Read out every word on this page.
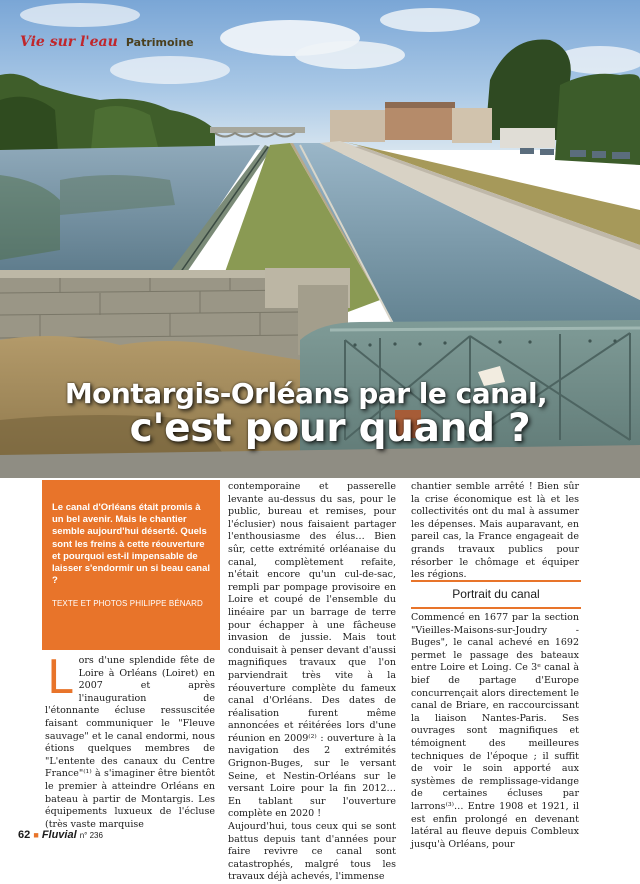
Vie sur l'eau Patrimoine
Montargis-Orléans par le canal,
c'est pour quand ?

Le canal d'Orléans était promis à un bel avenir. Mais le chantier semble aujourd'hui déserté. Quels sont les freins à cette réouverture et pourquoi est-il impensable de laisser s'endormir un si beau canal ?

TEXTE ET PHOTOS PHILIPPE BÉNARD
L ors d'une splendide fête de Loire à Orléans (Loiret) en 2007 et après l'inauguration de l'étonnante écluse ressuscitée faisant communiquer le "Fleuve sauvage" et le canal endormi, nous étions quelques membres de "L'entente des canaux du Centre France"⁽¹⁾ à s'imaginer être bientôt le premier à atteindre Orléans en bateau à partir de Montargis. Les équipements luxueux de l'écluse (très vaste marquise

contemporaine et passerelle levante au-dessus du sas, pour le public, bureau et remises, pour l'éclusier) nous faisaient partager l'enthousiasme des élus… Bien sûr, cette extrémité orléanaise du canal, complètement refaite, n'était encore qu'un cul-de-sac, rempli par pompage provisoire en Loire et coupé de l'ensemble du linéaire par un barrage de terre pour échapper à une fâcheuse invasion de jussie. Mais tout conduisait à penser devant d'aussi magnifiques travaux que l'on parviendrait très vite à la réouverture complète du fameux canal d'Orléans. Des dates de réalisation furent même annoncées et réitérées lors d'une réunion en 2009⁽²⁾ : ouverture à la navigation des 2 extrémités Grignon-Buges, sur le versant Seine, et Nestin-Orléans sur le versant Loire pour la fin 2012… En tablant sur l'ouverture complète en 2020 !

Aujourd'hui, tous ceux qui se sont battus depuis tant d'années pour faire revivre ce canal sont catastrophés, malgré tous les travaux déjà achevés, l'immense

chantier semble arrêté ! Bien sûr la crise économique est là et les collectivités ont du mal à assumer les dépenses. Mais auparavant, en pareil cas, la France engageait de grands travaux publics pour résorber le chômage et équiper les régions.

Portrait du canal

Commencé en 1677 par la section "Vieilles-Maisons-sur-Joudry - Buges", le canal achevé en 1692 permet le passage des bateaux entre Loire et Loing. Ce 3ᵉ canal à bief de partage d'Europe concurrençait alors directement le canal de Briare, en raccourcissant la liaison Nantes-Paris. Ses ouvrages sont magnifiques et témoignent des meilleures techniques de l'époque ; il suffit de voir le soin apporté aux systèmes de remplissage-vidange de certaines écluses par larrons⁽³⁾… Entre 1908 et 1921, il est enfin prolongé en devenant latéral au fleuve depuis Combleux jusqu'à Orléans, pour

62 ■ Fluvial n° 236
